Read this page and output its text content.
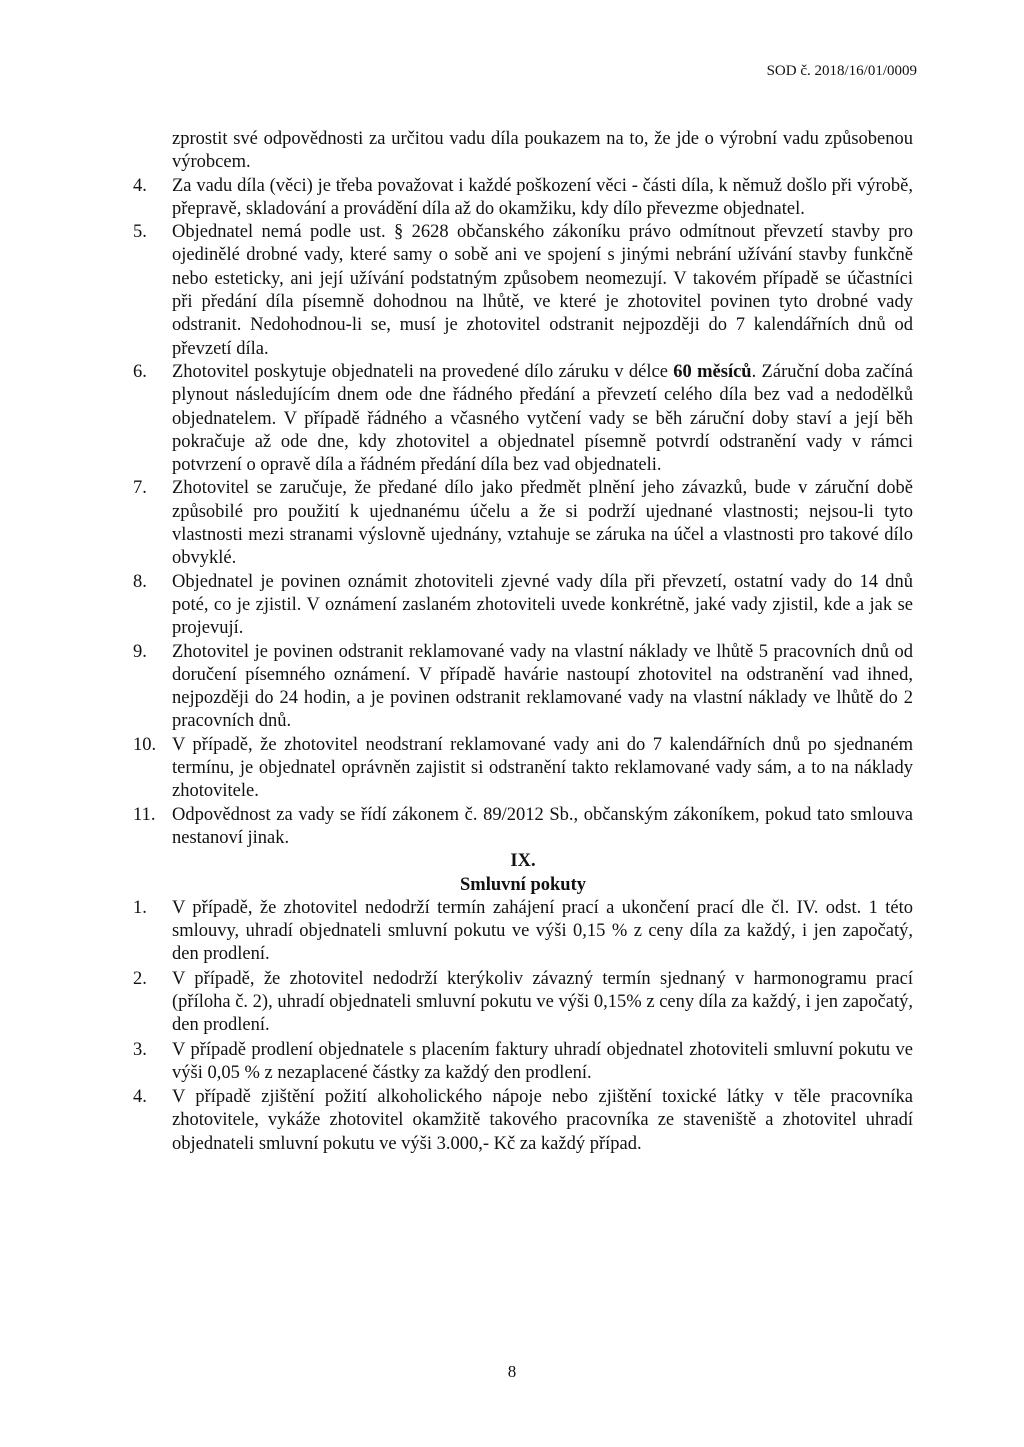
SOD č. 2018/16/01/0009

zprostit své odpovědnosti za určitou vadu díla poukazem na to, že jde o výrobní vadu způsobenou výrobcem.

4. Za vadu díla (věci) je třeba považovat i každé poškození věci - části díla, k němuž došlo při výrobě, přepravě, skladování a provádění díla až do okamžiku, kdy dílo převezme objednatel.

5. Objednatel nemá podle ust. § 2628 občanského zákoníku právo odmítnout převzetí stavby pro ojedinělé drobné vady, které samy o sobě ani ve spojení s jinými nebrání užívání stavby funkčně nebo esteticky, ani její užívání podstatným způsobem neomezují. V takovém případě se účastníci při předání díla písemně dohodnou na lhůtě, ve které je zhotovitel povinen tyto drobné vady odstranit. Nedohodnou-li se, musí je zhotovitel odstranit nejpozději do 7 kalendářních dnů od převzetí díla.

6. Zhotovitel poskytuje objednateli na provedené dílo záruku v délce 60 měsíců. Záruční doba začíná plynout následujícím dnem ode dne řádného předání a převzetí celého díla bez vad a nedodělků objednatelem. V případě řádného a včasného vytčení vady se běh záruční doby staví a její běh pokračuje až ode dne, kdy zhotovitel a objednatel písemně potvrdí odstranění vady v rámci potvrzení o opravě díla a řádném předání díla bez vad objednateli.

7. Zhotovitel se zaručuje, že předané dílo jako předmět plnění jeho závazků, bude v záruční době způsobilé pro použití k ujednanému účelu a že si podrží ujednané vlastnosti; nejsou-li tyto vlastnosti mezi stranami výslovně ujednány, vztahuje se záruka na účel a vlastnosti pro takové dílo obvyklé.

8. Objednatel je povinen oznámit zhotoviteli zjevné vady díla při převzetí, ostatní vady do 14 dnů poté, co je zjistil. V oznámení zaslaném zhotoviteli uvede konkrétně, jaké vady zjistil, kde a jak se projevují.

9. Zhotovitel je povinen odstranit reklamované vady na vlastní náklady ve lhůtě 5 pracovních dnů od doručení písemného oznámení. V případě havárie nastoupí zhotovitel na odstranění vad ihned, nejpozději do 24 hodin, a je povinen odstranit reklamované vady na vlastní náklady ve lhůtě do 2 pracovních dnů.

10. V případě, že zhotovitel neodstraní reklamované vady ani do 7 kalendářních dnů po sjednaném termínu, je objednatel oprávněn zajistit si odstranění takto reklamované vady sám, a to na náklady zhotovitele.

11. Odpovědnost za vady se řídí zákonem č. 89/2012 Sb., občanským zákoníkem, pokud tato smlouva nestanoví jinak.

IX.

Smluvní pokuty

1. V případě, že zhotovitel nedodrží termín zahájení prací a ukončení prací dle čl. IV. odst. 1 této smlouvy, uhradí objednateli smluvní pokutu ve výši 0,15 % z ceny díla za každý, i jen započatý, den prodlení.

2. V případě, že zhotovitel nedodrží kterýkoliv závazný termín sjednaný v harmonogramu prací (příloha č. 2), uhradí objednateli smluvní pokutu ve výši 0,15% z ceny díla za každý, i jen započatý, den prodlení.

3. V případě prodlení objednatele s placením faktury uhradí objednatel zhotoviteli smluvní pokutu ve výši 0,05 % z nezaplacené částky za každý den prodlení.

4. V případě zjištění požití alkoholického nápoje nebo zjištění toxické látky v těle pracovníka zhotovitele, vykáže zhotovitel okamžitě takového pracovníka ze staveniště a zhotovitel uhradí objednateli smluvní pokutu ve výši 3.000,- Kč za každý případ.

8
